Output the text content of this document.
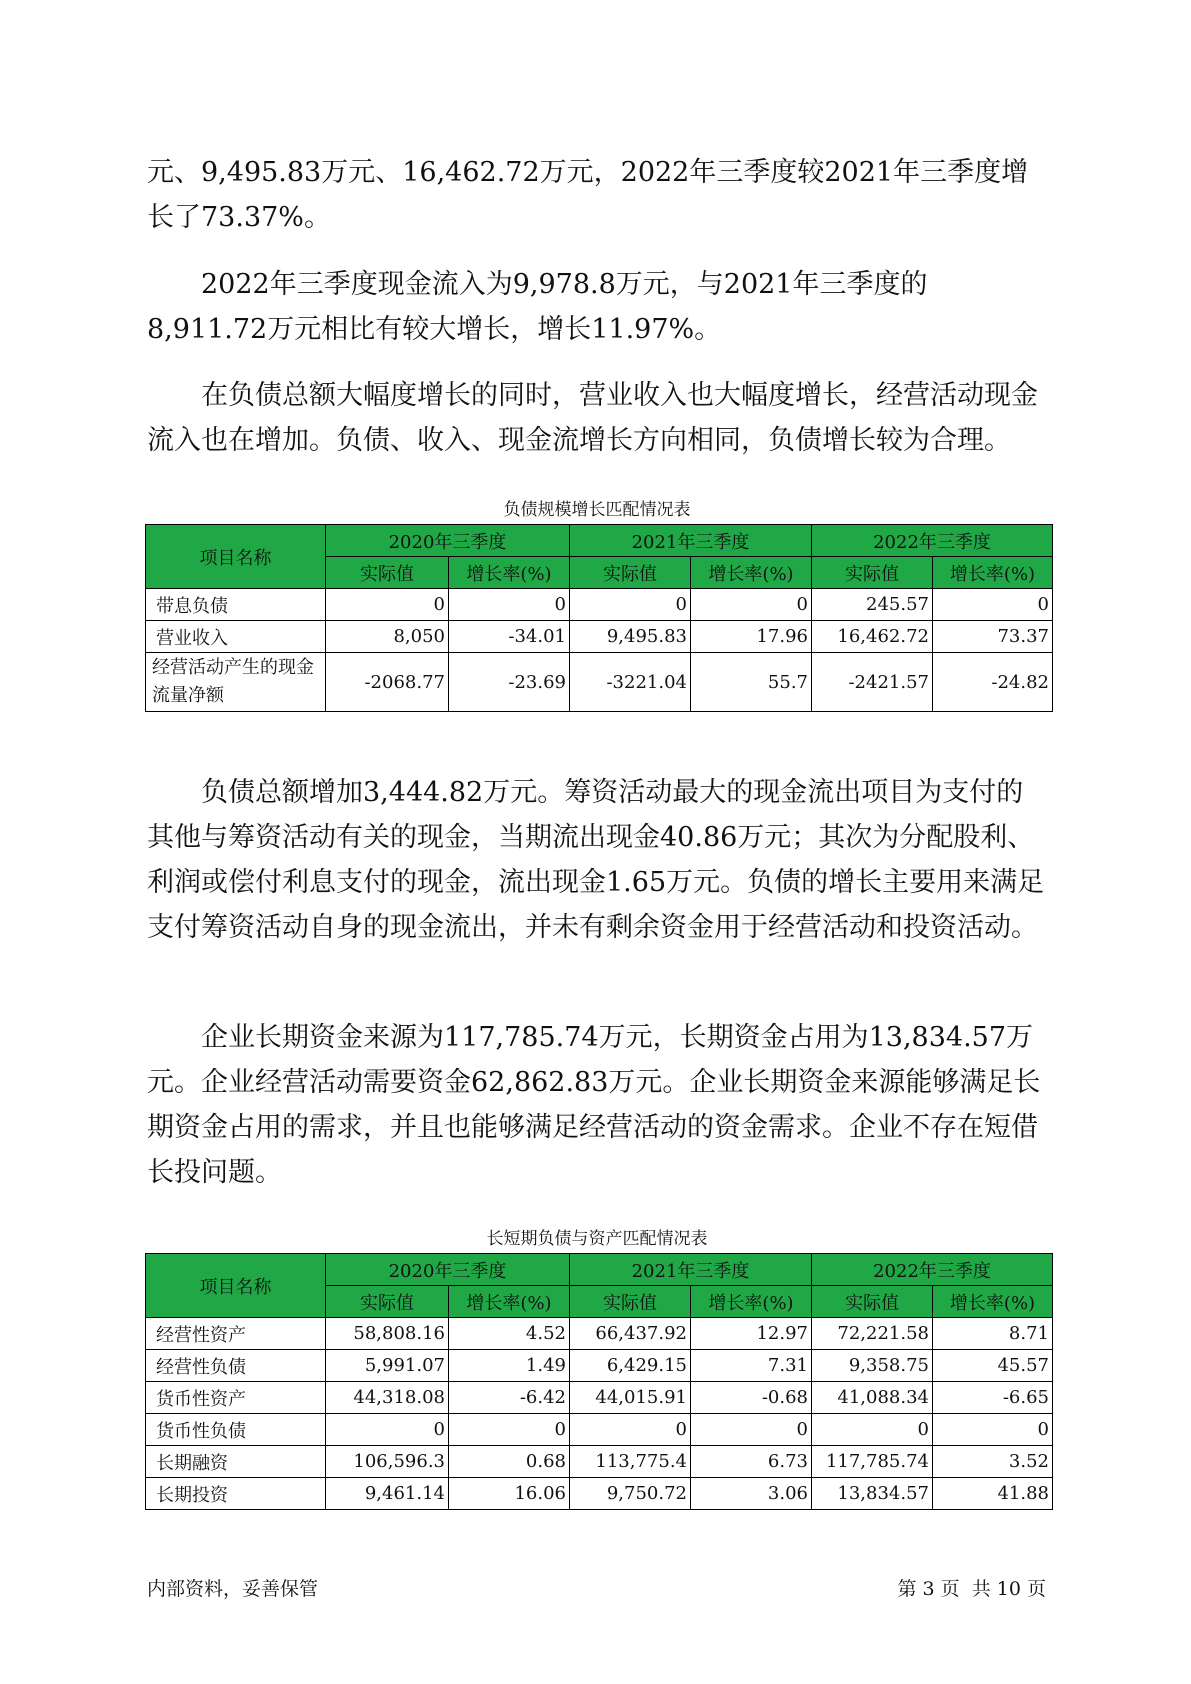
元、9,495.83万元、16,462.72万元，2022年三季度较2021年三季度增长了73.37%。

2022年三季度现金流入为9,978.8万元，与2021年三季度的8,911.72万元相比有较大增长，增长11.97%。

在负债总额大幅度增长的同时，营业收入也大幅度增长，经营活动现金流入也在增加。负债、收入、现金流增长方向相同，负债增长较为合理。

负债规模增长匹配情况表
项目名称	2020年三季度		2021年三季度		2022年三季度	
	实际值	增长率(%)	实际值	增长率(%)	实际值	增长率(%)
带息负债	0	0	0	0	245.57	0
营业收入	8,050	-34.01	9,495.83	17.96	16,462.72	73.37
经营活动产生的现金流量净额	-2068.77	-23.69	-3221.04	55.7	-2421.57	-24.82

负债总额增加3,444.82万元。筹资活动最大的现金流出项目为支付的其他与筹资活动有关的现金，当期流出现金40.86万元；其次为分配股利、利润或偿付利息支付的现金，流出现金1.65万元。负债的增长主要用来满足支付筹资活动自身的现金流出，并未有剩余资金用于经营活动和投资活动。

企业长期资金来源为117,785.74万元，长期资金占用为13,834.57万元。企业经营活动需要资金62,862.83万元。企业长期资金来源能够满足长期资金占用的需求，并且也能够满足经营活动的资金需求。企业不存在短借长投问题。

长短期负债与资产匹配情况表
项目名称	2020年三季度		2021年三季度		2022年三季度	
	实际值	增长率(%)	实际值	增长率(%)	实际值	增长率(%)
经营性资产	58,808.16	4.52	66,437.92	12.97	72,221.58	8.71
经营性负债	5,991.07	1.49	6,429.15	7.31	9,358.75	45.57
货币性资产	44,318.08	-6.42	44,015.91	-0.68	41,088.34	-6.65
货币性负债	0	0	0	0	0	0
长期融资	106,596.3	0.68	113,775.4	6.73	117,785.74	3.52
长期投资	9,461.14	16.06	9,750.72	3.06	13,834.57	41.88
内部资料，妥善保管	第 3 页  共 10 页
